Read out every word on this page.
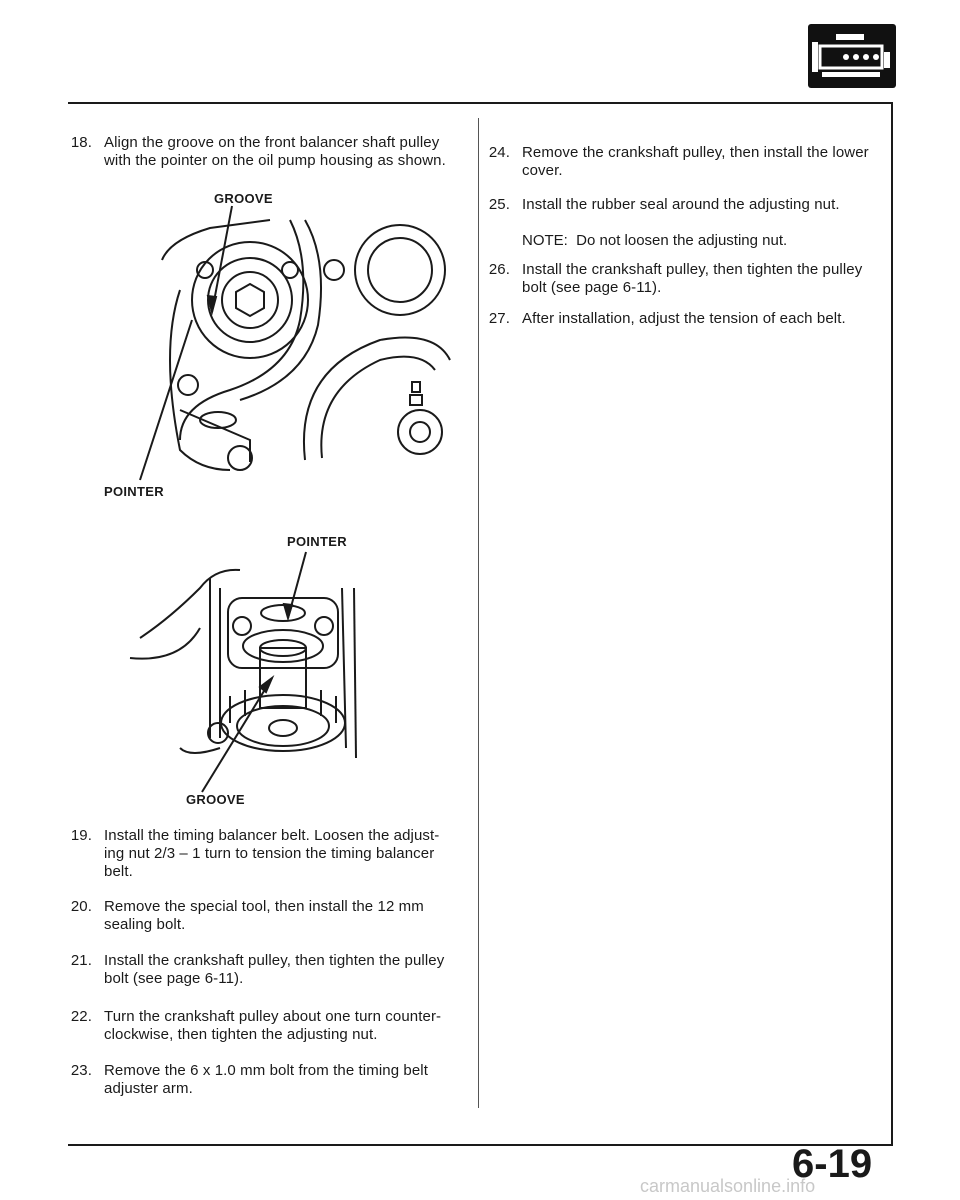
18. Align the groove on the front balancer shaft pulley
with the pointer on the oil pump housing as shown.
GROOVE
POINTER
POINTER
GROOVE
19. Install the timing balancer belt. Loosen the adjust-
ing nut 2/3 – 1 turn to tension the timing balancer
belt.
20. Remove the special tool, then install the 12 mm
sealing bolt.
21. Install the crankshaft pulley, then tighten the pulley
bolt (see page 6-11).
22. Turn the crankshaft pulley about one turn counter-
clockwise, then tighten the adjusting nut.
23. Remove the 6 x 1.0 mm bolt from the timing belt
adjuster arm.
24. Remove the crankshaft pulley, then install the lower
cover.
25. Install the rubber seal around the adjusting nut.
NOTE:  Do not loosen the adjusting nut.
26. Install the crankshaft pulley, then tighten the pulley
bolt (see page 6-11).
27. After installation, adjust the tension of each belt.
6-19
carmanualsonline.info
